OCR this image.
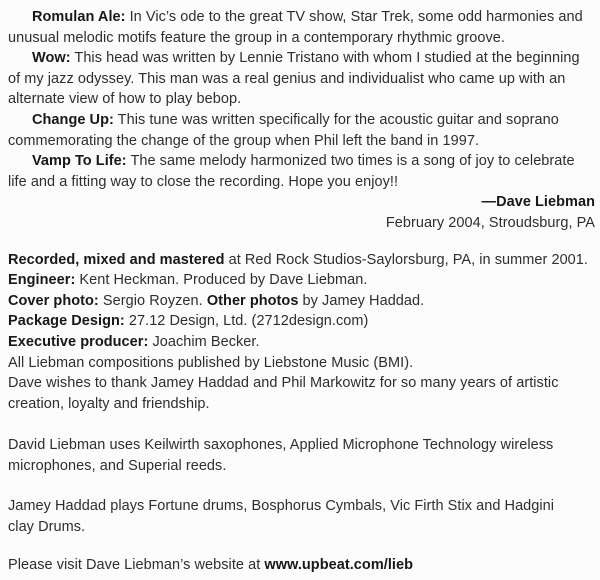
Romulan Ale: In Vic’s ode to the great TV show, Star Trek, some odd harmonies and
unusual melodic motifs feature the group in a contemporary rhythmic groove.
Wow: This head was written by Lennie Tristano with whom I studied at the beginning
of my jazz odyssey. This man was a real genius and individualist who came up with an
alternate view of how to play bebop.
Change Up: This tune was written specifically for the acoustic guitar and soprano
commemorating the change of the group when Phil left the band in 1997.
Vamp To Life: The same melody harmonized two times is a song of joy to celebrate
life and a fitting way to close the recording. Hope you enjoy!!
—Dave Liebman
February 2004, Stroudsburg, PA
Recorded, mixed and mastered at Red Rock Studios-Saylorsburg, PA, in summer 2001.
Engineer: Kent Heckman. Produced by Dave Liebman.
Cover photo: Sergio Royzen. Other photos by Jamey Haddad.
Package Design: 27.12 Design, Ltd. (2712design.com)
Executive producer: Joachim Becker.
All Liebman compositions published by Liebstone Music (BMI).
Dave wishes to thank Jamey Haddad and Phil Markowitz for so many years of artistic
creation, loyalty and friendship.
David Liebman uses Keilwirth saxophones, Applied Microphone Technology wireless
microphones, and Superial reeds.
Jamey Haddad plays Fortune drums, Bosphorus Cymbals, Vic Firth Stix and Hadgini
clay Drums.
Please visit Dave Liebman’s website at www.upbeat.com/lieb
